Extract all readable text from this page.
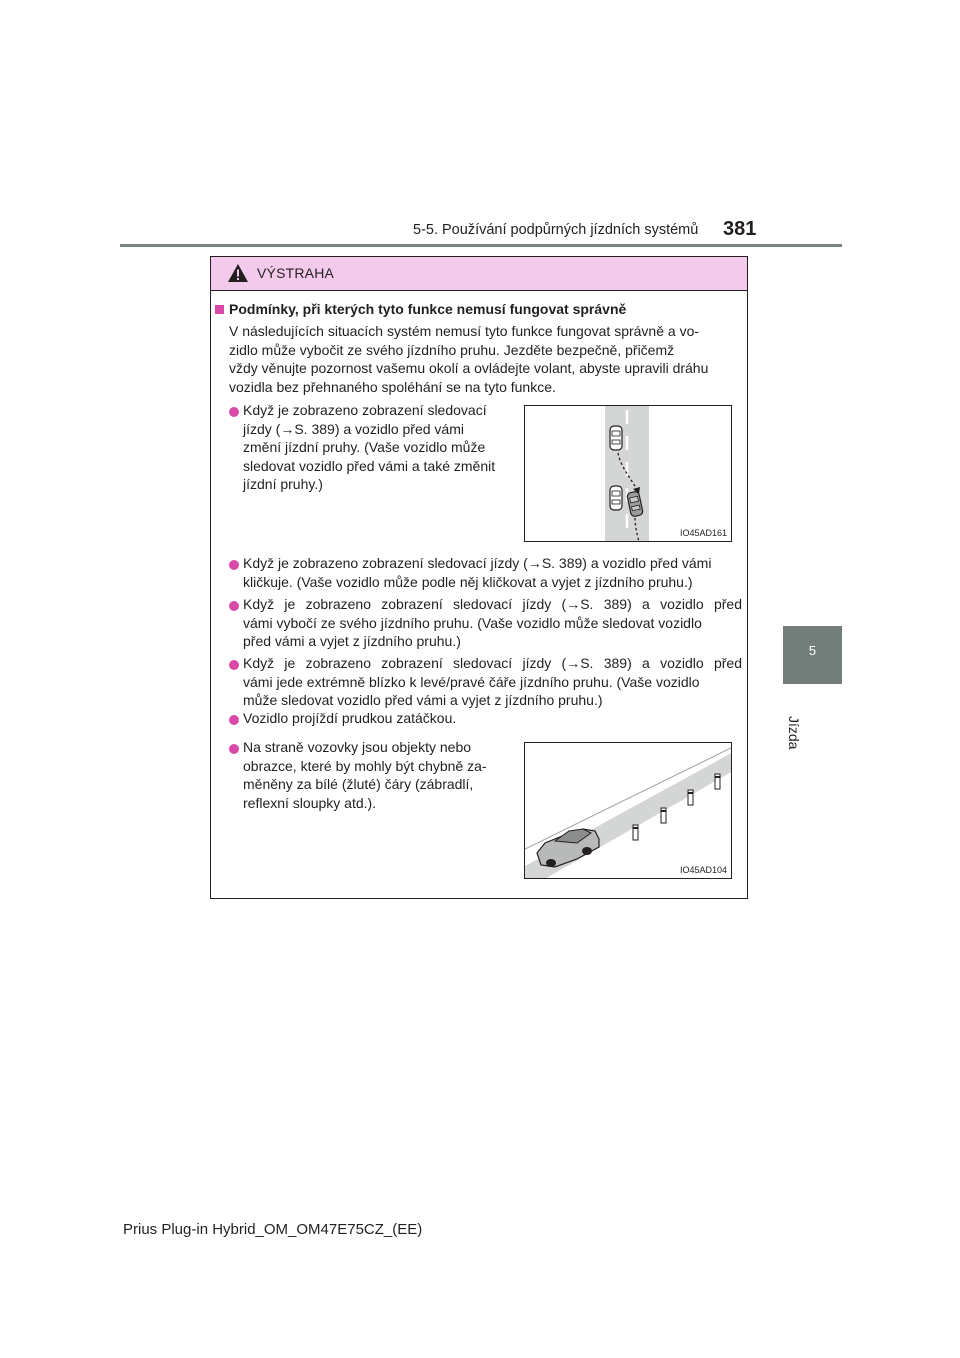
5-5. Používání podpůrných jízdních systémů 381
5
Jízda
VÝSTRAHA
Podmínky, při kterých tyto funkce nemusí fungovat správně
V následujících situacích systém nemusí tyto funkce fungovat správně a vo-
zidlo může vybočit ze svého jízdního pruhu. Jezděte bezpečně, přičemž
vždy věnujte pozornost vašemu okolí a ovládejte volant, abyste upravili dráhu
vozidla bez přehnaného spoléhání se na tyto funkce.
Když je zobrazeno zobrazení sledovací
jízdy (→S. 389) a vozidlo před vámi
změní jízdní pruhy. (Vaše vozidlo může
sledovat vozidlo před vámi a také změnit
jízdní pruhy.)
IO45AD161
Když je zobrazeno zobrazení sledovací jízdy (→S. 389) a vozidlo před vámi
kličkuje. (Vaše vozidlo může podle něj kličkovat a vyjet z jízdního pruhu.)
Když je zobrazeno zobrazení sledovací jízdy (→S. 389) a vozidlo před
vámi vybočí ze svého jízdního pruhu. (Vaše vozidlo může sledovat vozidlo
před vámi a vyjet z jízdního pruhu.)
Když je zobrazeno zobrazení sledovací jízdy (→S. 389) a vozidlo před
vámi jede extrémně blízko k levé/pravé čáře jízdního pruhu. (Vaše vozidlo
může sledovat vozidlo před vámi a vyjet z jízdního pruhu.)
Vozidlo projíždí prudkou zatáčkou.
Na straně vozovky jsou objekty nebo
obrazce, které by mohly být chybně za-
měněny za bílé (žluté) čáry (zábradlí,
reflexní sloupky atd.).
IO45AD104
Prius Plug-in Hybrid_OM_OM47E75CZ_(EE)
